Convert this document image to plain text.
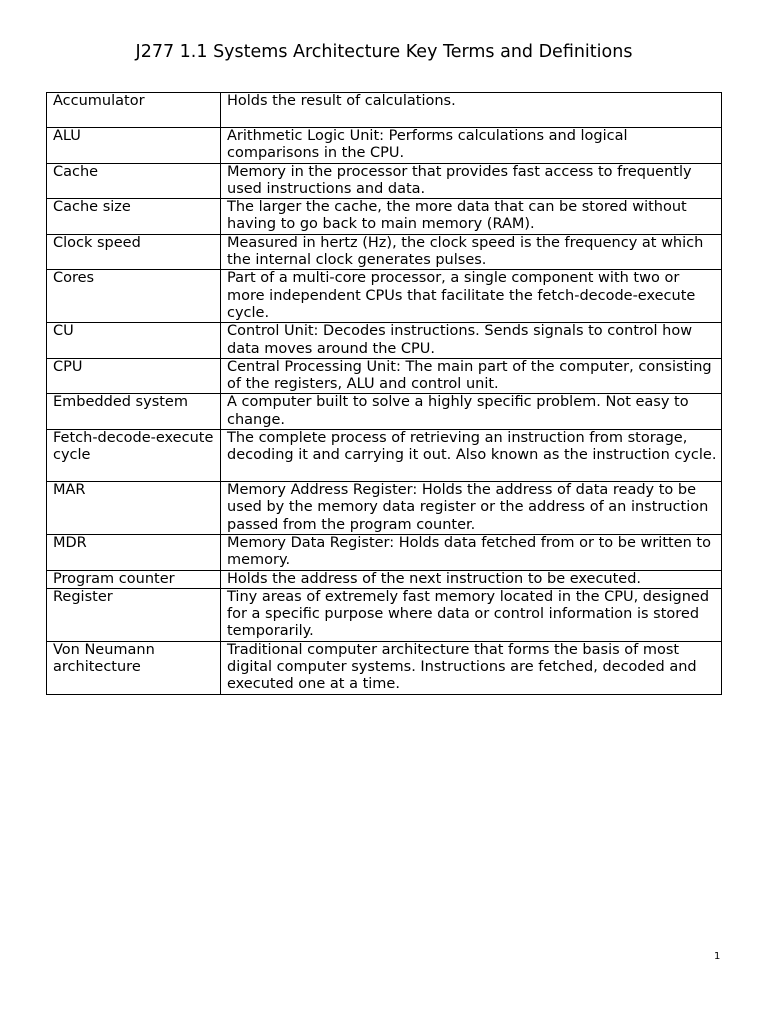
J277 1.1 Systems Architecture Key Terms and Definitions
Accumulator	Holds the result of calculations.
ALU	Arithmetic Logic Unit: Performs calculations and logical comparisons in the CPU.
Cache	Memory in the processor that provides fast access to frequently used instructions and data.
Cache size	The larger the cache, the more data that can be stored without having to go back to main memory (RAM).
Clock speed	Measured in hertz (Hz), the clock speed is the frequency at which the internal clock generates pulses.
Cores	Part of a multi-core processor, a single component with two or more independent CPUs that facilitate the fetch-decode-execute cycle.
CU	Control Unit: Decodes instructions. Sends signals to control how data moves around the CPU.
CPU	Central Processing Unit: The main part of the computer, consisting of the registers, ALU and control unit.
Embedded system	A computer built to solve a highly specific problem. Not easy to change.
Fetch-decode-execute cycle	The complete process of retrieving an instruction from storage, decoding it and carrying it out. Also known as the instruction cycle.
MAR	Memory Address Register: Holds the address of data ready to be used by the memory data register or the address of an instruction passed from the program counter.
MDR	Memory Data Register: Holds data fetched from or to be written to memory.
Program counter	Holds the address of the next instruction to be executed.
Register	Tiny areas of extremely fast memory located in the CPU, designed for a specific purpose where data or control information is stored temporarily.
Von Neumann architecture	Traditional computer architecture that forms the basis of most digital computer systems. Instructions are fetched, decoded and executed one at a time.
1
